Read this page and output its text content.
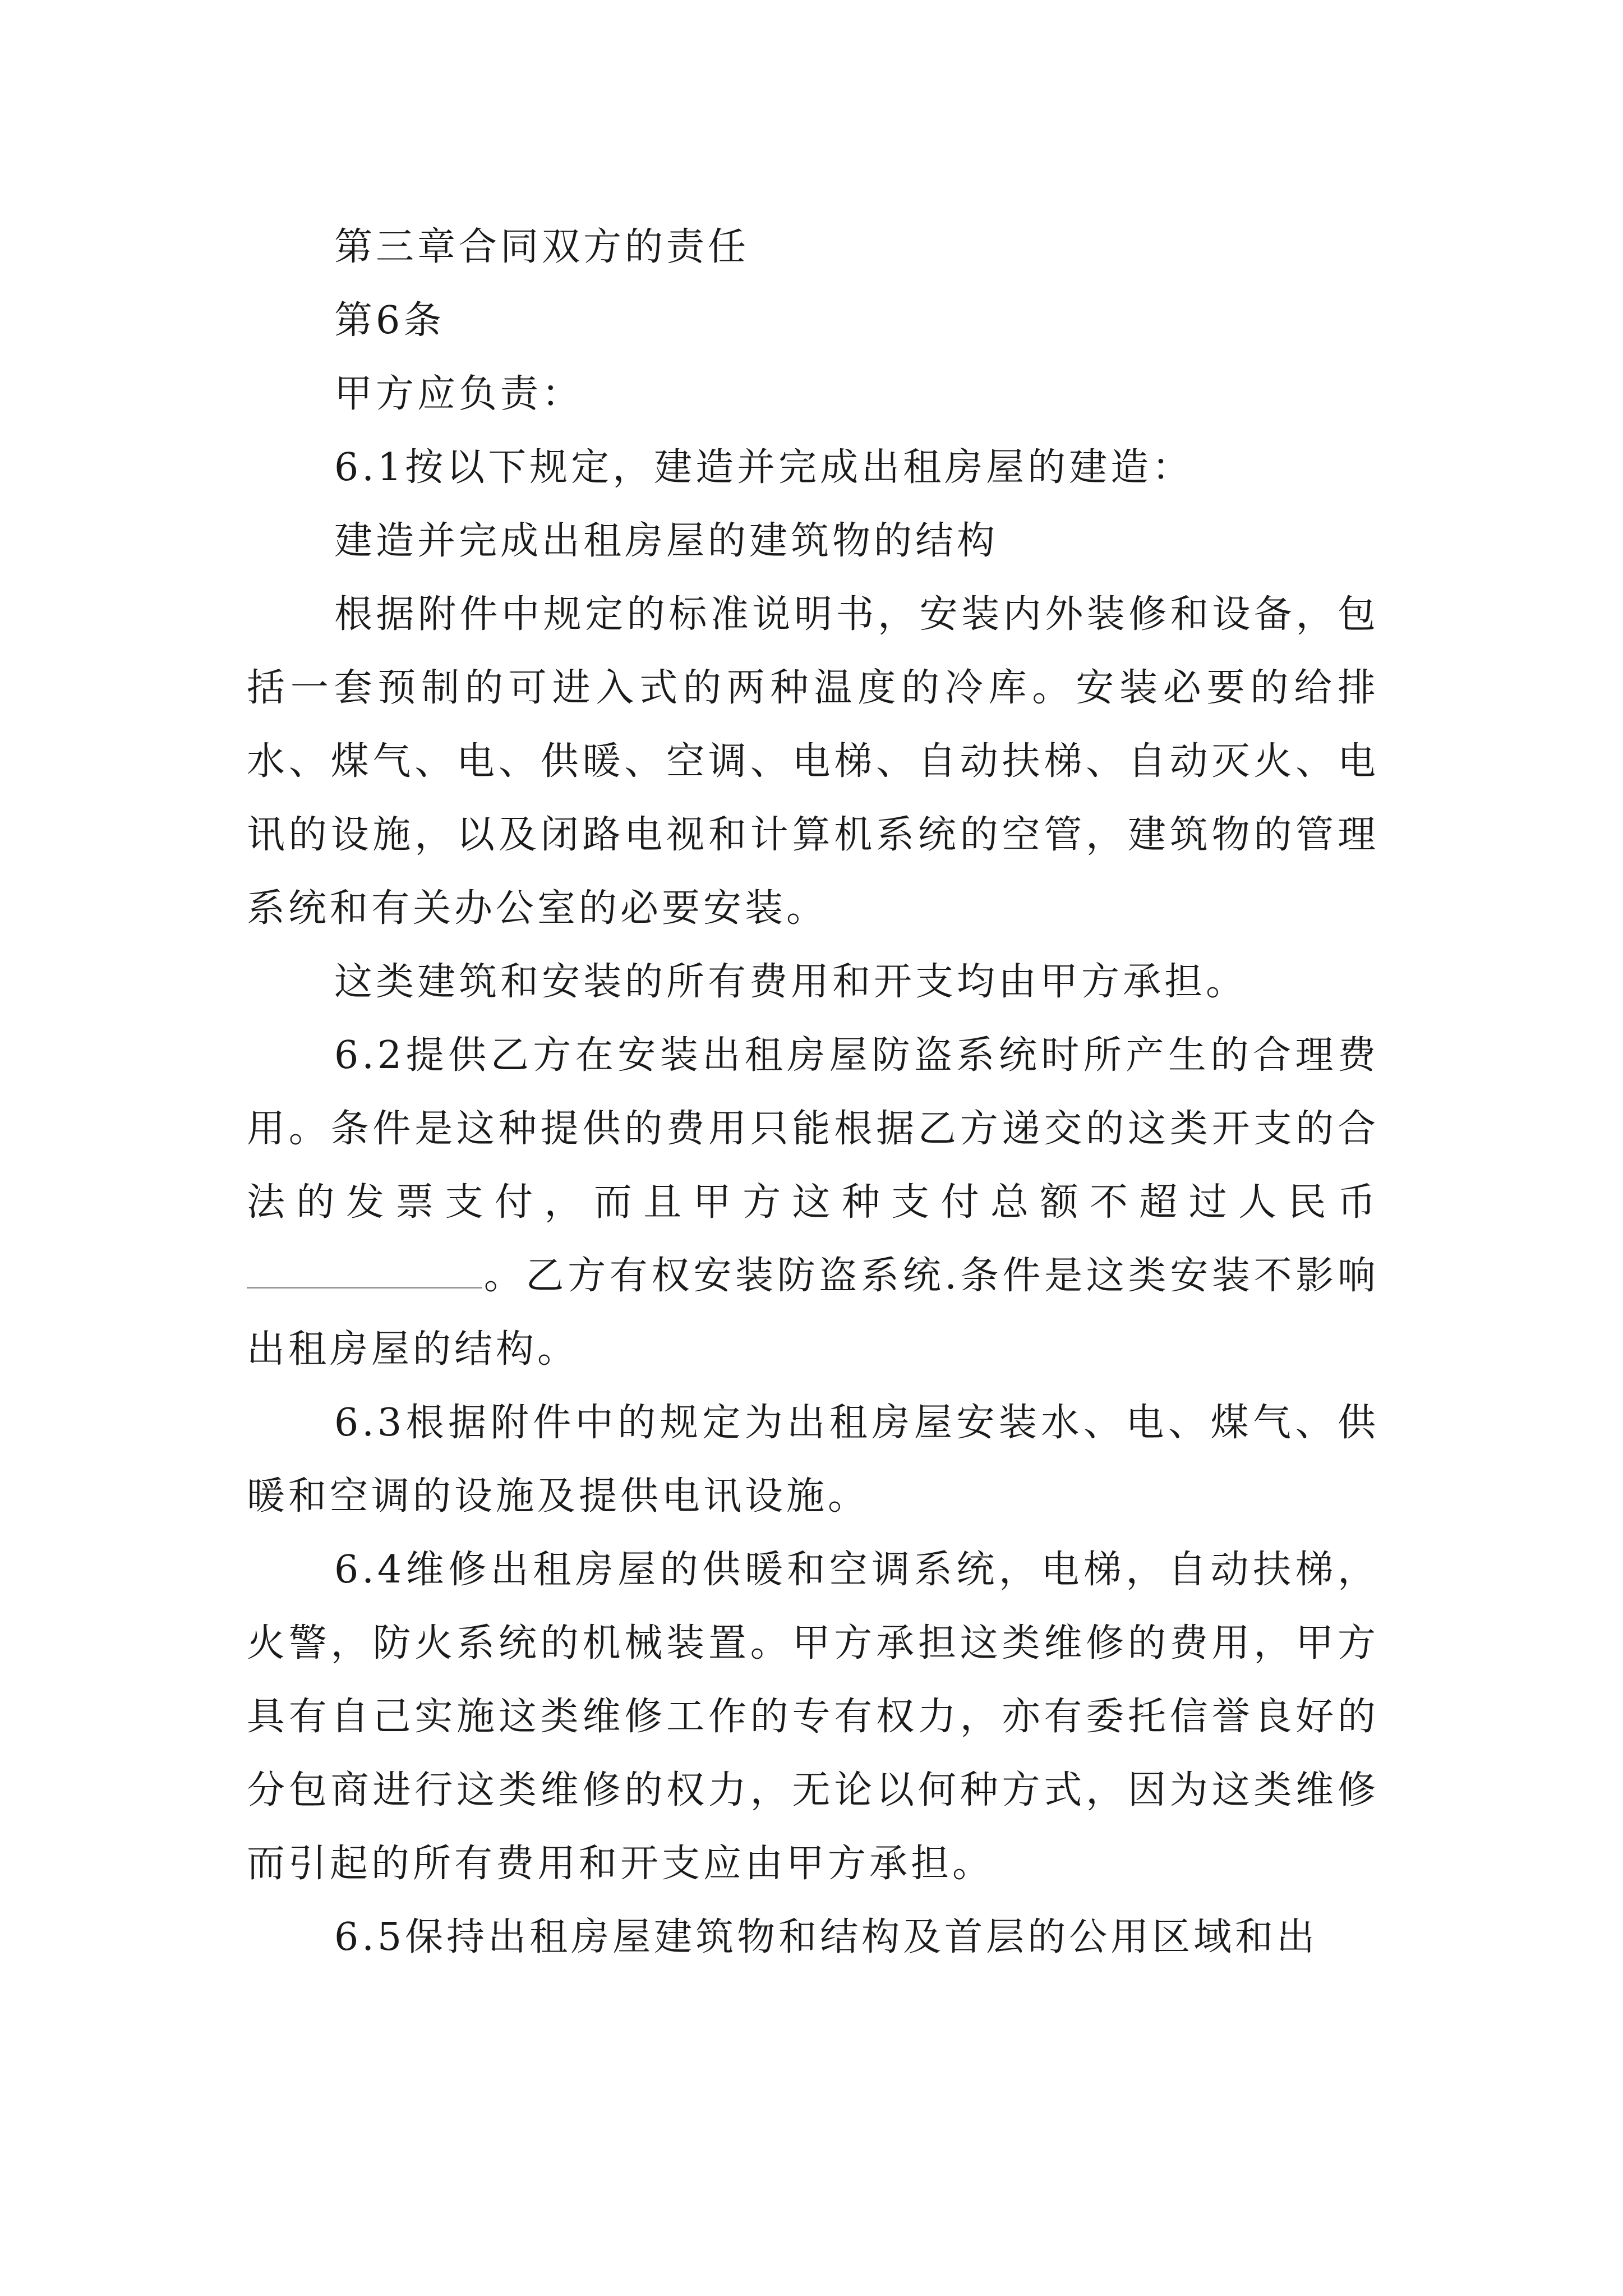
第三章合同双方的责任

第6条

甲方应负责：

6.1按以下规定，建造并完成出租房屋的建造：

建造并完成出租房屋的建筑物的结构

根据附件中规定的标准说明书，安装内外装修和设备，包括一套预制的可进入式的两种温度的冷库。安装必要的给排水、煤气、电、供暖、空调、电梯、自动扶梯、自动灭火、电讯的设施，以及闭路电视和计算机系统的空管，建筑物的管理系统和有关办公室的必要安装。

这类建筑和安装的所有费用和开支均由甲方承担。

6.2提供乙方在安装出租房屋防盗系统时所产生的合理费用。条件是这种提供的费用只能根据乙方递交的这类开支的合法的发票支付，而且甲方这种支付总额不超过人民币。乙方有权安装防盗系统.条件是这类安装不影响出租房屋的结构。

6.3根据附件中的规定为出租房屋安装水、电、煤气、供暖和空调的设施及提供电讯设施。

6.4维修出租房屋的供暖和空调系统，电梯，自动扶梯，火警，防火系统的机械装置。甲方承担这类维修的费用，甲方具有自己实施这类维修工作的专有权力，亦有委托信誉良好的分包商进行这类维修的权力，无论以何种方式，因为这类维修而引起的所有费用和开支应由甲方承担。

6.5保持出租房屋建筑物和结构及首层的公用区域和出
